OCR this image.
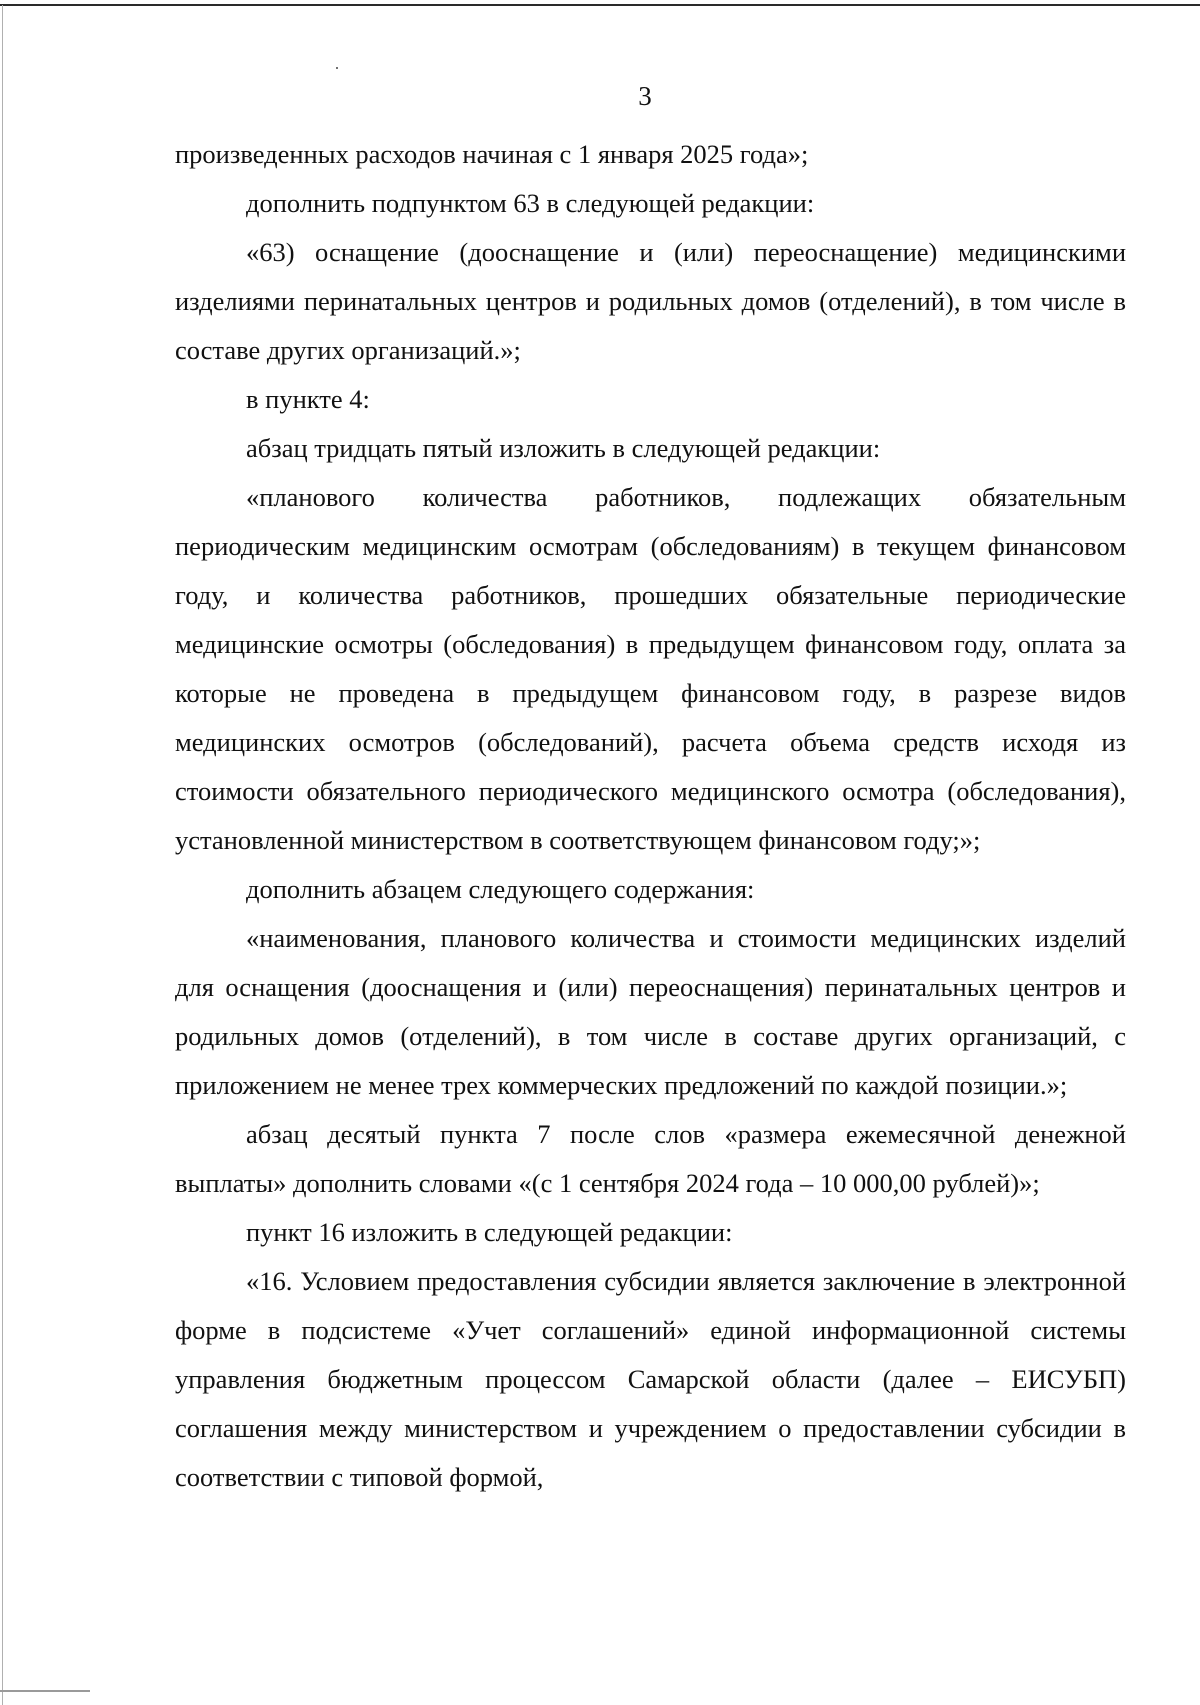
3

произведенных расходов начиная с 1 января 2025 года»;

дополнить подпунктом 63 в следующей редакции:

«63) оснащение (дооснащение и (или) переоснащение) медицинскими изделиями перинатальных центров и родильных домов (отделений), в том числе в составе других организаций.»;

в пункте 4:

абзац тридцать пятый изложить в следующей редакции:

«планового количества работников, подлежащих обязательным периодическим медицинским осмотрам (обследованиям) в текущем финансовом году, и количества работников, прошедших обязательные периодические медицинские осмотры (обследования) в предыдущем финансовом году, оплата за которые не проведена в предыдущем финансовом году, в разрезе видов медицинских осмотров (обследований), расчета объема средств исходя из стоимости обязательного периодического медицинского осмотра (обследования), установленной министерством в соответствующем финансовом году;»;

дополнить абзацем следующего содержания:

«наименования, планового количества и стоимости медицинских изделий для оснащения (дооснащения и (или) переоснащения) перинатальных центров и родильных домов (отделений), в том числе в составе других организаций, с приложением не менее трех коммерческих предложений по каждой позиции.»;

абзац десятый пункта 7 после слов «размера ежемесячной денежной выплаты» дополнить словами «(с 1 сентября 2024 года – 10 000,00 рублей)»;

пункт 16 изложить в следующей редакции:

«16. Условием предоставления субсидии является заключение в электронной форме в подсистеме «Учет соглашений» единой информационной системы управления бюджетным процессом Самарской области (далее – ЕИСУБП) соглашения между министерством и учреждением о предоставлении субсидии в соответствии с типовой формой,
